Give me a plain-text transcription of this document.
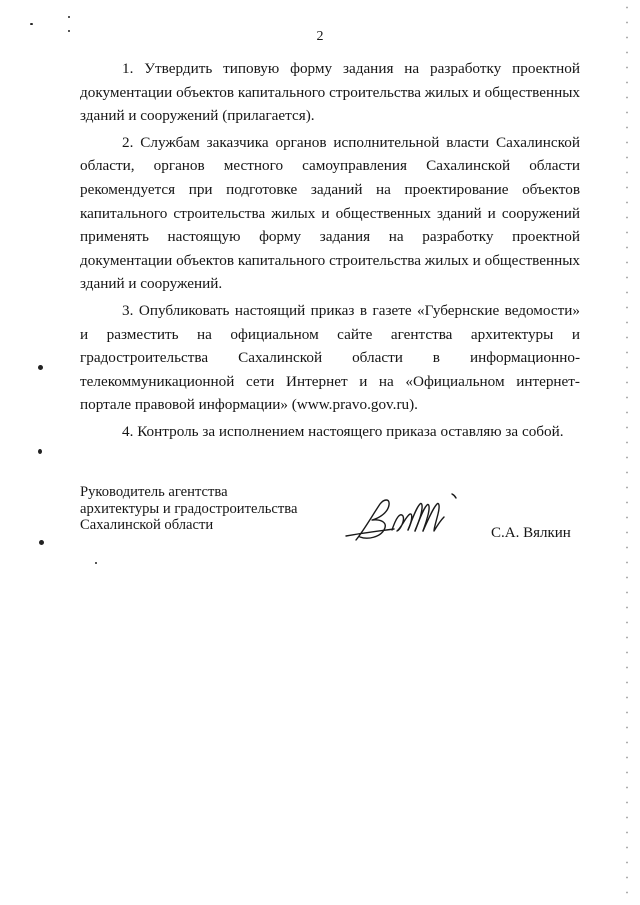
2

1. Утвердить типовую форму задания на разработку проектной документации объектов капитального строительства жилых и общественных зданий и сооружений (прилагается).

2. Службам заказчика органов исполнительной власти Сахалинской области, органов местного самоуправления Сахалинской области рекомендуется при подготовке заданий на проектирование объектов капитального строительства жилых и общественных зданий и сооружений применять настоящую форму задания на разработку проектной документации объектов капитального строительства жилых и общественных зданий и сооружений.

3. Опубликовать настоящий приказ в газете «Губернские ведомости» и разместить на официальном сайте агентства архитектуры и градостроительства Сахалинской области в информационно-телекоммуникационной сети Интернет и на «Официальном интернет-портале правовой информации» (www.pravo.gov.ru).

4. Контроль за исполнением настоящего приказа оставляю за собой.

Руководитель агентства
архитектуры и градостроительства
Сахалинской области	С.А. Вялкин
